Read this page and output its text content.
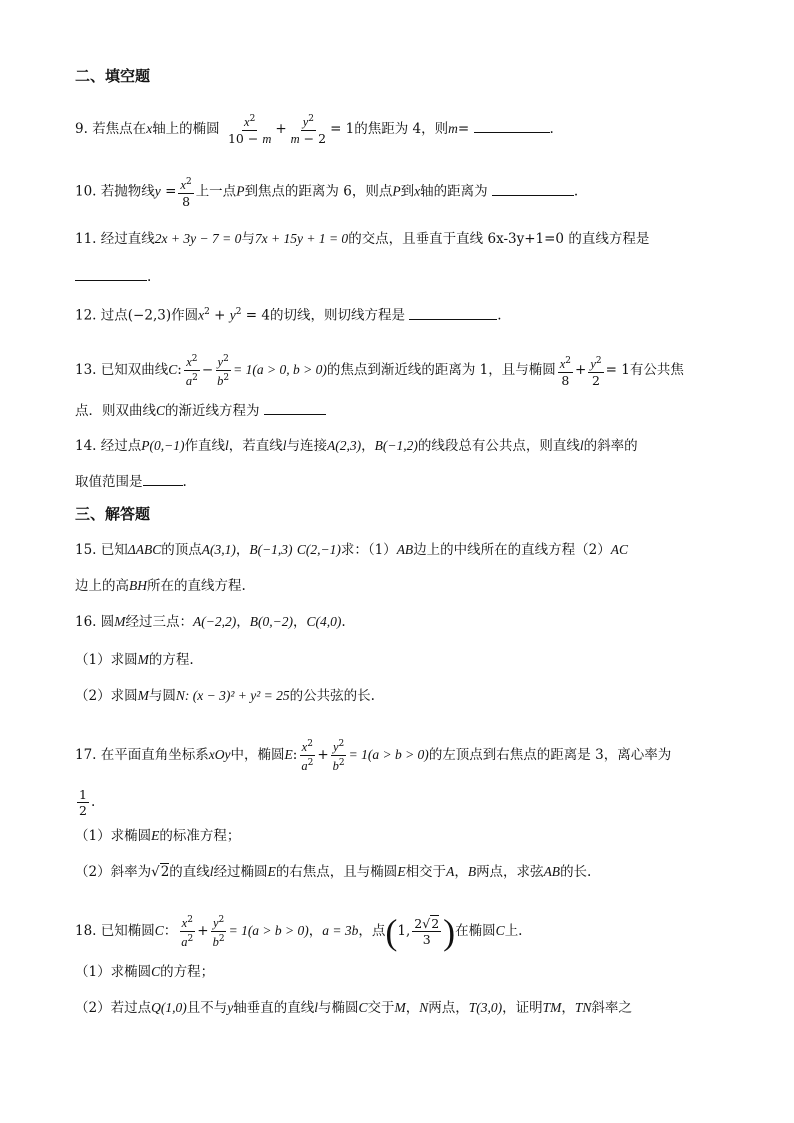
二、填空题
9. 若焦点在x轴上的椭圆 $\frac{x^2}{10 - m} + \frac{y^2}{m - 2} = 1$的焦距为 4，则m=	.
10. 若抛物线$y = \frac{x^2}{8}$ 上一点P到焦点的距离为 6，则点P到x轴的距离为	.
11. 经过直线2x + 3y − 7 = 0与7x + 15y + 1 = 0的交点，且垂直于直线 6x-3y+1=0 的直线方程是
.
12. 过点(−2,3)作圆$x^2 + y^2 = 4$的切线，则切线方程是	.
13. 已知双曲线C: $\frac{x^2}{a^2} - \frac{y^2}{b^2} = 1(a > 0$, b > 0)的焦点到渐近线的距离为 1，且与椭圆 $\frac{x^2}{8} + \frac{y^2}{2} = 1$有公共焦
点．则双曲线C的渐近线方程为
14. 经过点P(0,−1)作直线l，若直线l与连接A(2,3)，B(−1,2)的线段总有公共点，则直线l的斜率的
取值范围是	.
三、解答题
15. 已知ΔABC的顶点A(3,1)，B(−1,3) C(2,−1)求：（1）AB边上的中线所在的直线方程（2）AC
边上的高BH所在的直线方程.
16. 圆M经过三点：A(−2,2)，B(0,−2)，C(4,0).
（1）求圆M的方程.
（2）求圆M与圆N: (x − 3)² + y² = 25的公共弦的长.
17. 在平面直角坐标系xOy中，椭圆E: $\frac{x^2}{a^2} + \frac{y^2}{b^2} = 1(a > b > 0)$的左顶点到右焦点的距离是 3，离心率为
$\frac{1}{2}$ .
（1）求椭圆E的标准方程；
（2）斜率为√2的直线l经过椭圆E的右焦点，且与椭圆E相交于A，B两点，求弦AB的长.
18. 已知椭圆C： $\frac{x^2}{a^2} + \frac{y^2}{b^2} = 1(a > b > 0)$，a = 3b，点(1, $\frac{2√2}{3}$ )在椭圆C上.
（1）求椭圆C的方程；
（2）若过点Q(1,0)且不与y轴垂直的直线l与椭圆C交于M，N两点，T(3,0)，证明TM，TN斜率之
